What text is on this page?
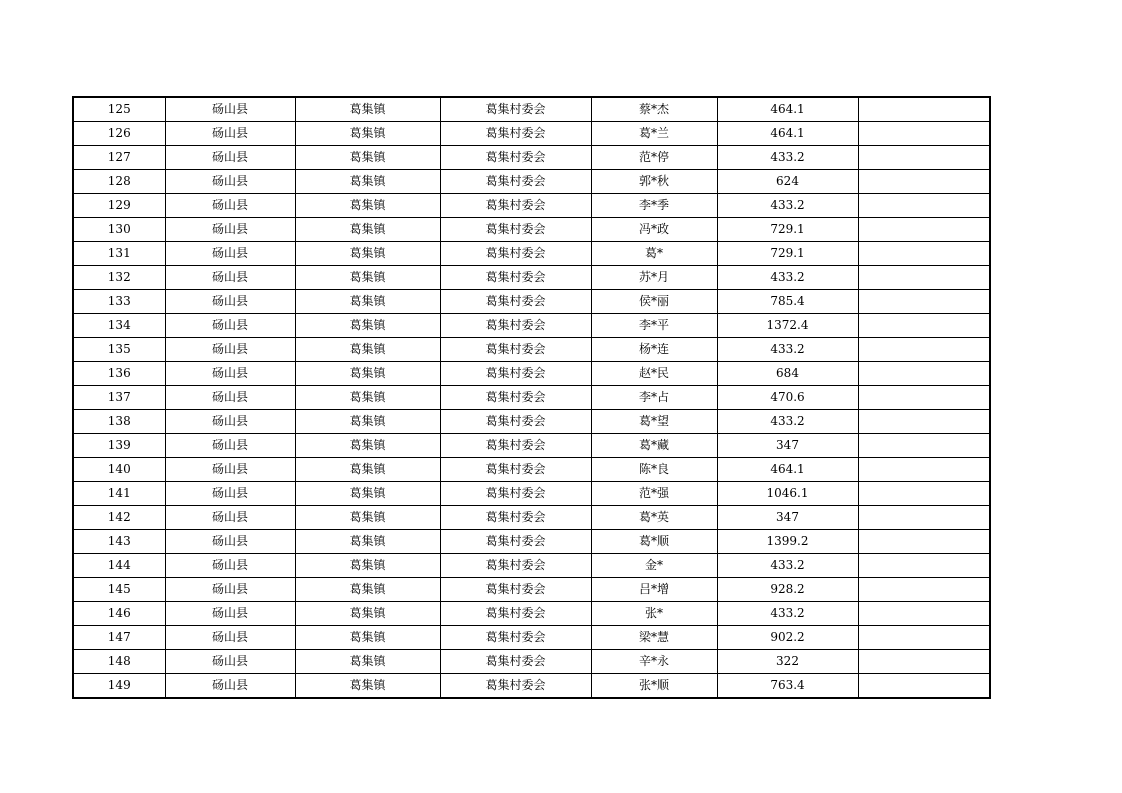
125	砀山县	葛集镇	葛集村委会	蔡*杰	464.1	
126	砀山县	葛集镇	葛集村委会	葛*兰	464.1	
127	砀山县	葛集镇	葛集村委会	范*停	433.2	
128	砀山县	葛集镇	葛集村委会	郭*秋	624	
129	砀山县	葛集镇	葛集村委会	李*季	433.2	
130	砀山县	葛集镇	葛集村委会	冯*政	729.1	
131	砀山县	葛集镇	葛集村委会	葛*	729.1	
132	砀山县	葛集镇	葛集村委会	苏*月	433.2	
133	砀山县	葛集镇	葛集村委会	侯*丽	785.4	
134	砀山县	葛集镇	葛集村委会	李*平	1372.4	
135	砀山县	葛集镇	葛集村委会	杨*连	433.2	
136	砀山县	葛集镇	葛集村委会	赵*民	684	
137	砀山县	葛集镇	葛集村委会	李*占	470.6	
138	砀山县	葛集镇	葛集村委会	葛*望	433.2	
139	砀山县	葛集镇	葛集村委会	葛*藏	347	
140	砀山县	葛集镇	葛集村委会	陈*良	464.1	
141	砀山县	葛集镇	葛集村委会	范*强	1046.1	
142	砀山县	葛集镇	葛集村委会	葛*英	347	
143	砀山县	葛集镇	葛集村委会	葛*顺	1399.2	
144	砀山县	葛集镇	葛集村委会	金*	433.2	
145	砀山县	葛集镇	葛集村委会	吕*增	928.2	
146	砀山县	葛集镇	葛集村委会	张*	433.2	
147	砀山县	葛集镇	葛集村委会	梁*慧	902.2	
148	砀山县	葛集镇	葛集村委会	辛*永	322	
149	砀山县	葛集镇	葛集村委会	张*顺	763.4	
